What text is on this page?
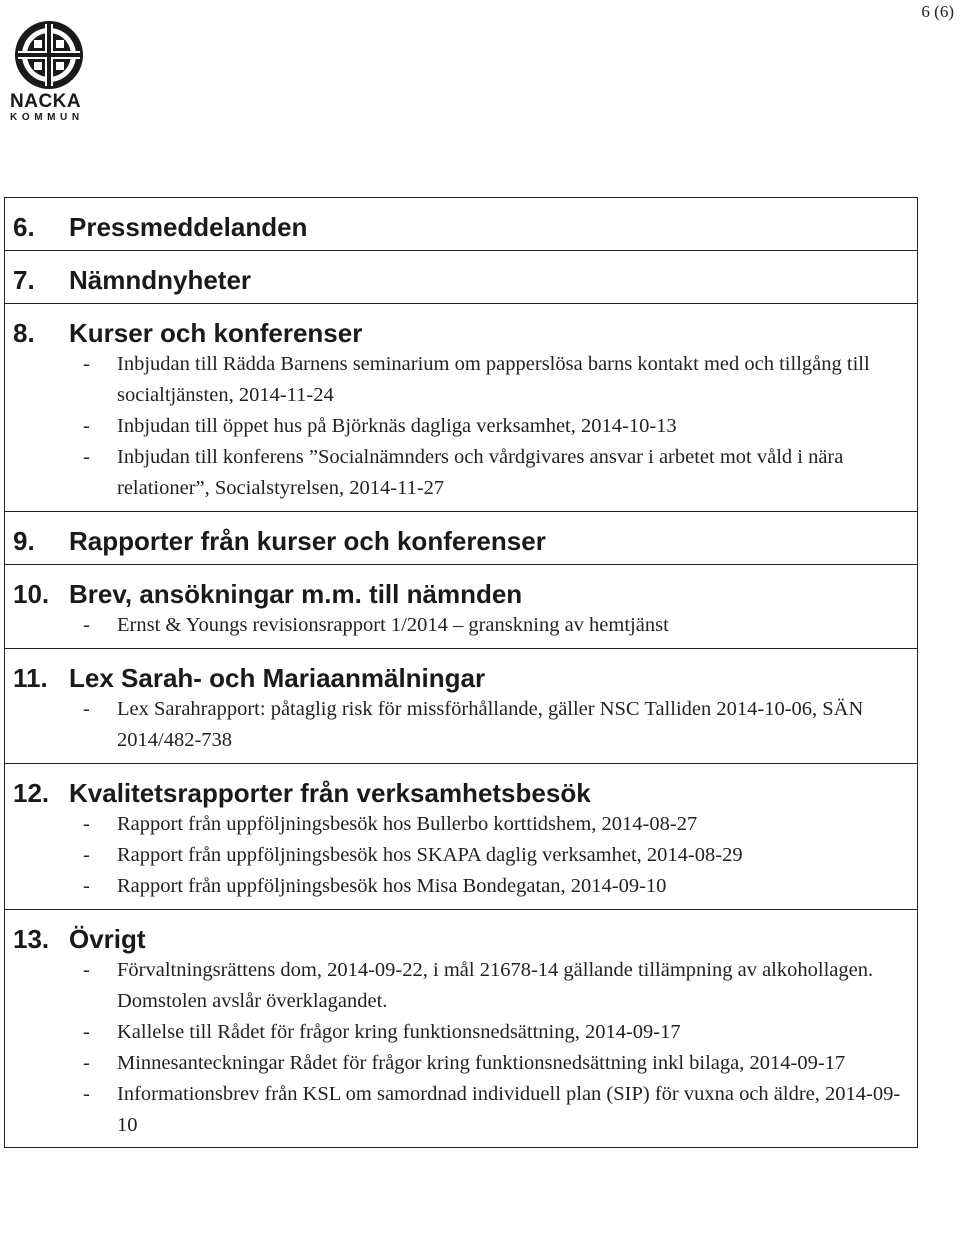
6 (6)
NACKA
KOMMUN
6.	Pressmeddelanden
7.	Nämndnyheter
8.	Kurser och konferenser
-	Inbjudan till Rädda Barnens seminarium om papperslösa barns kontakt med och tillgång till socialtjänsten, 2014-11-24
-	Inbjudan till öppet hus på Björknäs dagliga verksamhet, 2014-10-13
-	Inbjudan till konferens ”Socialnämnders och vårdgivares ansvar i arbetet mot våld i nära relationer”, Socialstyrelsen, 2014-11-27
9.	Rapporter från kurser och konferenser
10. Brev, ansökningar m.m. till nämnden
-	Ernst & Youngs revisionsrapport 1/2014 – granskning av hemtjänst
11. Lex Sarah- och Mariaanmälningar
-	Lex Sarahrapport: påtaglig risk för missförhållande, gäller NSC Talliden 2014-10-06, SÄN 2014/482-738
12. Kvalitetsrapporter från verksamhetsbesök
-	Rapport från uppföljningsbesök hos Bullerbo korttidshem, 2014-08-27
-	Rapport från uppföljningsbesök hos SKAPA daglig verksamhet, 2014-08-29
-	Rapport från uppföljningsbesök hos Misa Bondegatan, 2014-09-10
13. Övrigt
-	Förvaltningsrättens dom, 2014-09-22, i mål 21678-14 gällande tillämpning av alkohollagen. Domstolen avslår överklagandet.
-	Kallelse till Rådet för frågor kring funktionsnedsättning, 2014-09-17
-	Minnesanteckningar Rådet för frågor kring funktionsnedsättning inkl bilaga, 2014-09-17
-	Informationsbrev från KSL om samordnad individuell plan (SIP) för vuxna och äldre, 2014-09-10
